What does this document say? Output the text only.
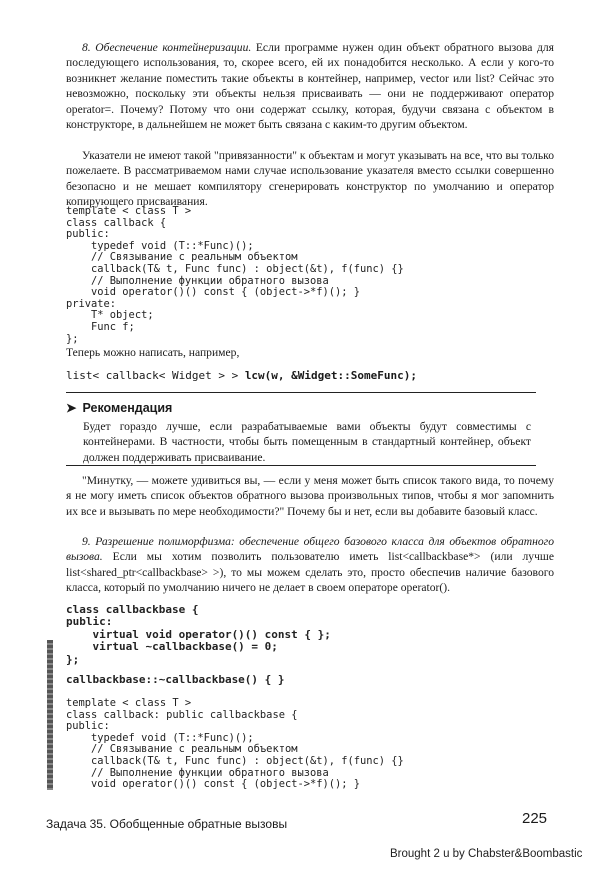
8. Обеспечение контейнеризации. Если программе нужен один объект обратного вызова для последующего использования, то, скорее всего, ей их понадобится несколько. А если у кого-то возникнет желание поместить такие объекты в контейнер, например, vector или list? Сейчас это невозможно, поскольку эти объекты нельзя присваивать — они не поддерживают оператор operator=. Почему? Потому что они содержат ссылку, которая, будучи связана с объектом в конструкторе, в дальнейшем не может быть связана с каким-то другим объектом.

Указатели не имеют такой "привязанности" к объектам и могут указывать на все, что вы только пожелаете. В рассматриваемом нами случае использование указателя вместо ссылки совершенно безопасно и не мешает компилятору сгенерировать конструктор по умолчанию и оператор копирующего присваивания.

template < class T >
class callback {
public:
typedef void (T::*Func)();
// Связывание с реальным объектом
callback(T& t, Func func) : object(&t), f(func) {}
// Выполнение функции обратного вызова
void operator()() const { (object->*f)(); }
private:
T* object;
Func f;
};

Теперь можно написать, например,

list< callback< Widget > > lcw(w, &Widget::SomeFunc);

➤ Рекомендация

Будет гораздо лучше, если разрабатываемые вами объекты будут совместимы с контейнерами. В частности, чтобы быть помещенным в стандартный контейнер, объект должен поддерживать присваивание.

"Минутку, — можете удивиться вы, — если у меня может быть список такого вида, то почему я не могу иметь список объектов обратного вызова произвольных типов, чтобы я мог запомнить их все и вызывать по мере необходимости?" Почему бы и нет, если вы добавите базовый класс.

9. Разрешение полиморфизма: обеспечение общего базового класса для объектов обратного вызова. Если мы хотим позволить пользователю иметь list<callbackbase*> (или лучше list<shared_ptr<callbackbase> >), то мы можем сделать это, просто обеспечив наличие базового класса, который по умолчанию ничего не делает в своем операторе operator().

class callbackbase {
public:
virtual void operator()() const { };
virtual ~callbackbase() = 0;
};
callbackbase::~callbackbase() { }
template < class T >
class callback: public callbackbase {
public:
typedef void (T::*Func)();
// Связывание с реальным объектом
callback(T& t, Func func) : object(&t), f(func) {}
// Выполнение функции обратного вызова
void operator()() const { (object->*f)(); }
Задача 35. Обобщенные обратные вызовы	225
Brought 2 u by Chabster&Boombastic
